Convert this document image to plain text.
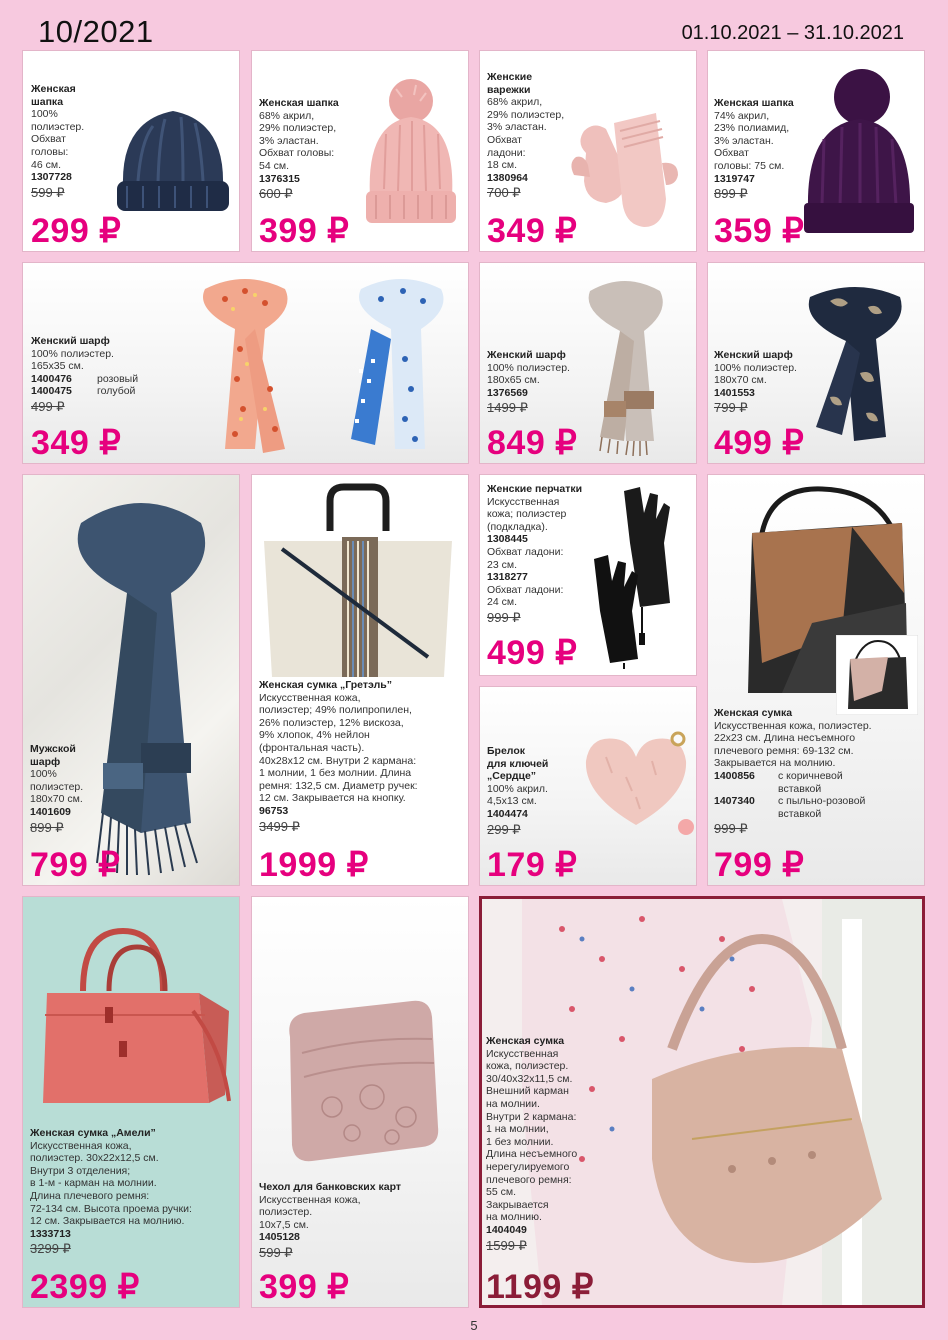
10/2021	01.10.2021 – 31.10.2021
Женская
шапка
100%
полиэстер.
Обхват
головы:
46 см.
1307728
599 ₽
299 ₽
Женская шапка
68% акрил,
29% полиэстер,
3% эластан.
Обхват головы:
54 см.
1376315
600 ₽
399 ₽
Женские
варежки
68% акрил,
29% полиэстер,
3% эластан.
Обхват
ладони:
18 см.
1380964
700 ₽
349 ₽
Женская шапка
74% акрил,
23% полиамид,
3% эластан.
Обхват
головы: 75 см.
1319747
899 ₽
359 ₽
Женский шарф
100% полиэстер.
165x35 см.
1400476	розовый
1400475	голубой
499 ₽
349 ₽
Женский шарф
100% полиэстер.
180x65 см.
1376569
1499 ₽
849 ₽
Женский шарф
100% полиэстер.
180x70 см.
1401553
799 ₽
499 ₽
Мужской
шарф
100%
полиэстер.
180x70 см.
1401609
899 ₽
799 ₽
Женская сумка „Гретэль”
Искусственная кожа,
полиэстер; 49% полипропилен,
26% полиэстер, 12% вискоза,
9% хлопок, 4% нейлон
(фронтальная часть).
40x28x12 см. Внутри 2 кармана:
1 молнии, 1 без молнии. Длина
ремня: 132,5 см. Диаметр ручек:
12 см. Закрывается на кнопку.
96753
3499 ₽
1999 ₽
Женские перчатки
Искусственная
кожа; полиэстер
(подкладка).
1308445
Обхват ладони:
23 см.
1318277
Обхват ладони:
24 см.
999 ₽
499 ₽
Брелок
для ключей
„Сердце”
100% акрил.
4,5x13 см.
1404474
299 ₽
179 ₽
Женская сумка
Искусственная кожа, полиэстер.
22x23 см. Длина несъемного
плечевого ремня: 69-132 см.
Закрывается на молнию.
1400856	с коричневой
вставкой
1407340	с пыльно-розовой
вставкой
999 ₽
799 ₽
Женская сумка „Амели”
Искусственная кожа,
полиэстер. 30x22x12,5 см.
Внутри 3 отделения;
в 1-м - карман на молнии.
Длина плечевого ремня:
72-134 см. Высота проема ручки:
12 см. Закрывается на молнию.
1333713
3299 ₽
2399 ₽
Чехол для банковских карт
Искусственная кожа,
полиэстер.
10x7,5 см.
1405128
599 ₽
399 ₽
Женская сумка
Искусственная
кожа, полиэстер.
30/40x32x11,5 см.
Внешний карман
на молнии.
Внутри 2 кармана:
1 на молнии,
1 без молнии.
Длина несъемного
нерегулируемого
плечевого ремня:
55 см.
Закрывается
на молнию.
1404049
1599 ₽
1199 ₽
5
